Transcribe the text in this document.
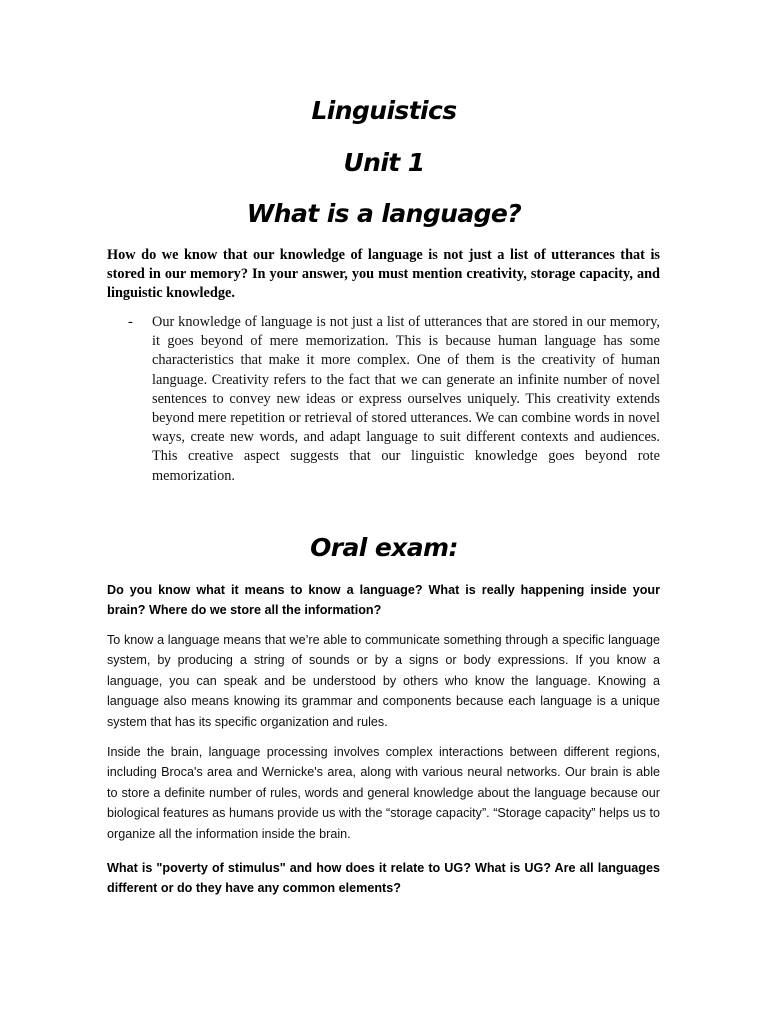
Linguistics
Unit 1
What is a language?

How do we know that our knowledge of language is not just a list of utterances that is stored in our memory? In your answer, you must mention creativity, storage capacity, and linguistic knowledge.

- Our knowledge of language is not just a list of utterances that are stored in our memory, it goes beyond of mere memorization. This is because human language has some characteristics that make it more complex. One of them is the creativity of human language. Creativity refers to the fact that we can generate an infinite number of novel sentences to convey new ideas or express ourselves uniquely. This creativity extends beyond mere repetition or retrieval of stored utterances. We can combine words in novel ways, create new words, and adapt language to suit different contexts and audiences. This creative aspect suggests that our linguistic knowledge goes beyond rote memorization.

Oral exam:

Do you know what it means to know a language? What is really happening inside your brain? Where do we store all the information?

To know a language means that we’re able to communicate something through a specific language system, by producing a string of sounds or by a signs or body expressions. If you know a language, you can speak and be understood by others who know the language. Knowing a language also means knowing its grammar and components because each language is a unique system that has its specific organization and rules.

Inside the brain, language processing involves complex interactions between different regions, including Broca's area and Wernicke's area, along with various neural networks. Our brain is able to store a definite number of rules, words and general knowledge about the language because our biological features as humans provide us with the “storage capacity”. “Storage capacity” helps us to organize all the information inside the brain.

What is "poverty of stimulus" and how does it relate to UG? What is UG? Are all languages different or do they have any common elements?
